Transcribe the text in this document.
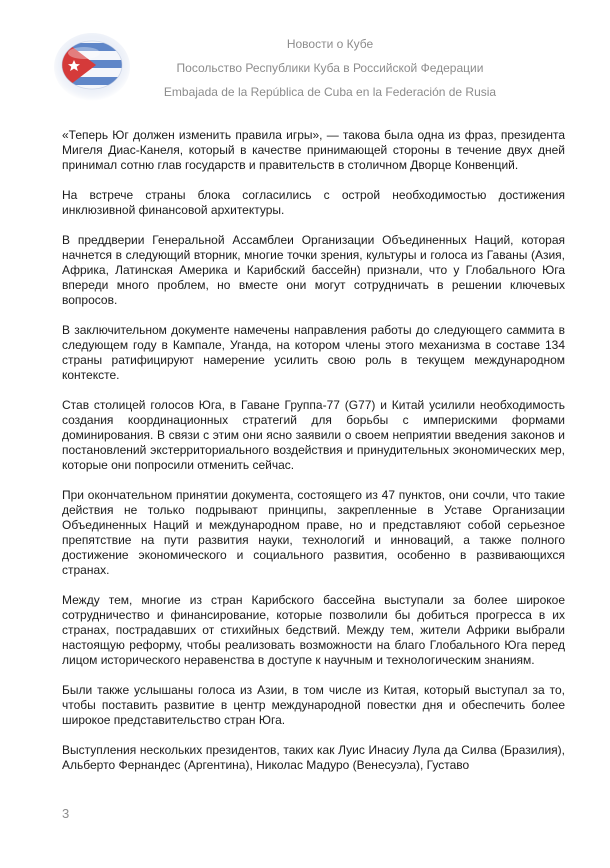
Новости о Кубе
Посольство Республики Куба в Российской Федерации
Embajada de la República de Cuba en la Federación de Rusia

«Теперь Юг должен изменить правила игры», — такова была одна из фраз, президента Мигеля Диас-Канеля, который в качестве принимающей стороны в течение двух дней принимал сотню глав государств и правительств в столичном Дворце Конвенций.

На встрече страны блока согласились с острой необходимостью достижения инклюзивной финансовой архитектуры.

В преддверии Генеральной Ассамблеи Организации Объединенных Наций, которая начнется в следующий вторник, многие точки зрения, культуры и голоса из Гаваны (Азия, Африка, Латинская Америка и Карибский бассейн) признали, что у Глобального Юга впереди много проблем, но вместе они могут сотрудничать в решении ключевых вопросов.

В заключительном документе намечены направления работы до следующего саммита в следующем году в Кампале, Уганда, на котором члены этого механизма в составе 134 страны ратифицируют намерение усилить свою роль в текущем международном контексте.

Став столицей голосов Юга, в Гаване Группа-77 (G77) и Китай усилили необходимость создания координационных стратегий для борьбы с империскими формами доминирования. В связи с этим они ясно заявили о своем неприятии введения законов и постановлений экстерриториального воздействия и принудительных экономических мер, которые они попросили отменить сейчас.

При окончательном принятии документа, состоящего из 47 пунктов, они сочли, что такие действия не только подрывают принципы, закрепленные в Уставе Организации Объединенных Наций и международном праве, но и представляют собой серьезное препятствие на пути развития науки, технологий и инноваций, а также полного достижение экономического и социального развития, особенно в развивающихся странах.

Между тем, многие из стран Карибского бассейна выступали за более широкое сотрудничество и финансирование, которые позволили бы добиться прогресса в их странах, пострадавших от стихийных бедствий. Между тем, жители Африки выбрали настоящую реформу, чтобы реализовать возможности на благо Глобального Юга перед лицом исторического неравенства в доступе к научным и технологическим знаниям.

Были также услышаны голоса из Азии, в том числе из Китая, который выступал за то, чтобы поставить развитие в центр международной повестки дня и обеспечить более широкое представительство стран Юга.

Выступления нескольких президентов, таких как Луис Инасиу Лула да Силва (Бразилия), Альберто Фернандес (Аргентина), Николас Мадуро (Венесуэла), Густаво

3
